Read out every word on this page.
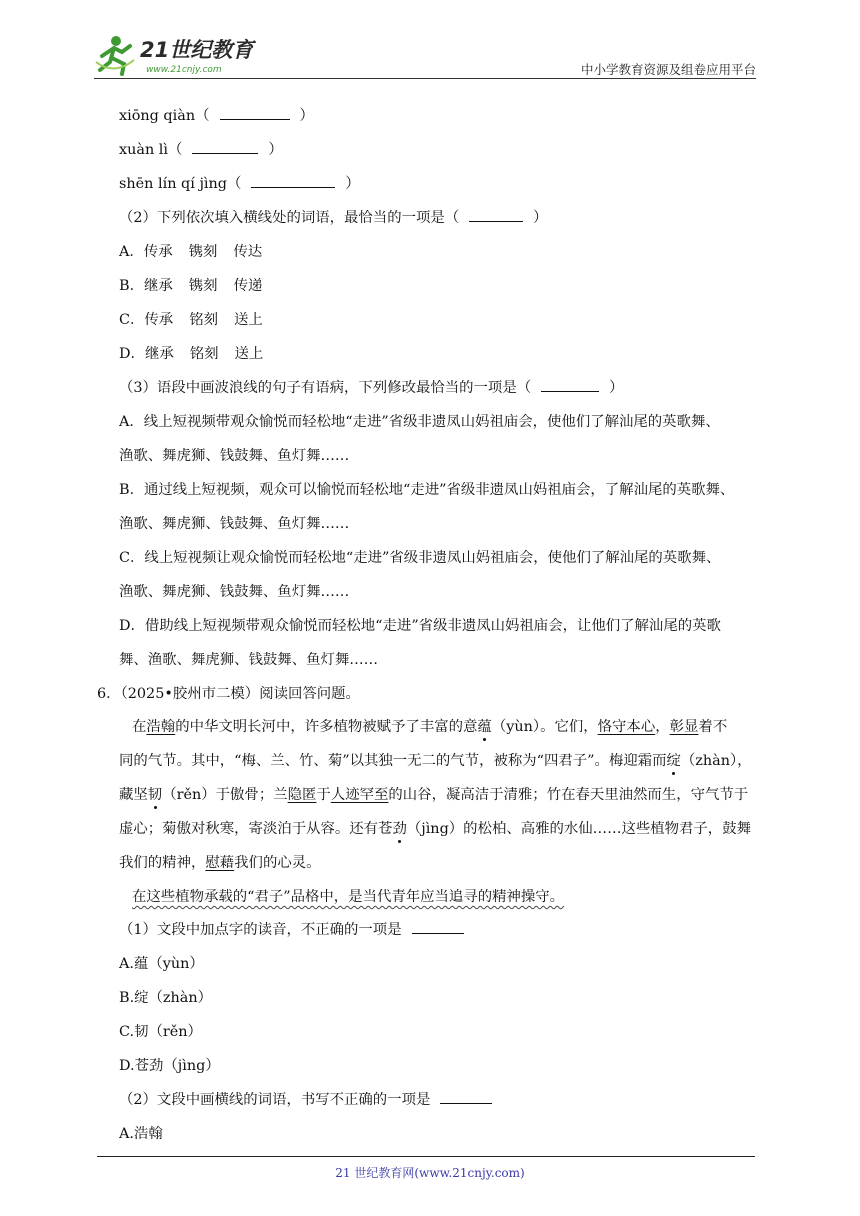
21世纪教育
www.21cnjy.com	中小学教育资源及组卷应用平台
xiōng qiàn（	）
xuàn lì（	）
shēn lín qí jìng（	）
（2）下列依次填入横线处的词语，最恰当的一项是（	）
A．传承 镌刻 传达
B．继承 镌刻 传递
C．传承 铭刻 送上
D．继承 铭刻 送上
（3）语段中画波浪线的句子有语病，下列修改最恰当的一项是（	）
A．线上短视频带观众愉悦而轻松地“走进”省级非遗凤山妈祖庙会，使他们了解汕尾的英歌舞、
渔歌、舞虎狮、钱鼓舞、鱼灯舞……
B．通过线上短视频，观众可以愉悦而轻松地“走进”省级非遗凤山妈祖庙会，了解汕尾的英歌舞、
渔歌、舞虎狮、钱鼓舞、鱼灯舞……
C．线上短视频让观众愉悦而轻松地“走进”省级非遗凤山妈祖庙会，使他们了解汕尾的英歌舞、
渔歌、舞虎狮、钱鼓舞、鱼灯舞……
D．借助线上短视频带观众愉悦而轻松地“走进”省级非遗凤山妈祖庙会，让他们了解汕尾的英歌
舞、渔歌、舞虎狮、钱鼓舞、鱼灯舞……
6．（2025•胶州市二模）阅读回答问题。
在浩翰的中华文明长河中，许多植物被赋予了丰富的意蕴（yùn）。它们，恪守本心，彰显着不
同的气节。其中，“梅、兰、竹、菊”以其独一无二的气节，被称为“四君子”。梅迎霜而绽（zhàn），
藏坚韧（rěn）于傲骨；兰隐匿于人迹罕至的山谷，凝高洁于清雅；竹在春天里油然而生，守气节于
虚心；菊傲对秋寒，寄淡泊于从容。还有苍劲（jìng）的松柏、高雅的水仙……这些植物君子，鼓舞
我们的精神，慰藉我们的心灵。
在这些植物承载的“君子”品格中，是当代青年应当追寻的精神操守。
（1）文段中加点字的读音，不正确的一项是
A.蕴（yùn）
B.绽（zhàn）
C.韧（rěn）
D.苍劲（jìng）
（2）文段中画横线的词语，书写不正确的一项是
A.浩翰
21 世纪教育网(www.21cnjy.com)
